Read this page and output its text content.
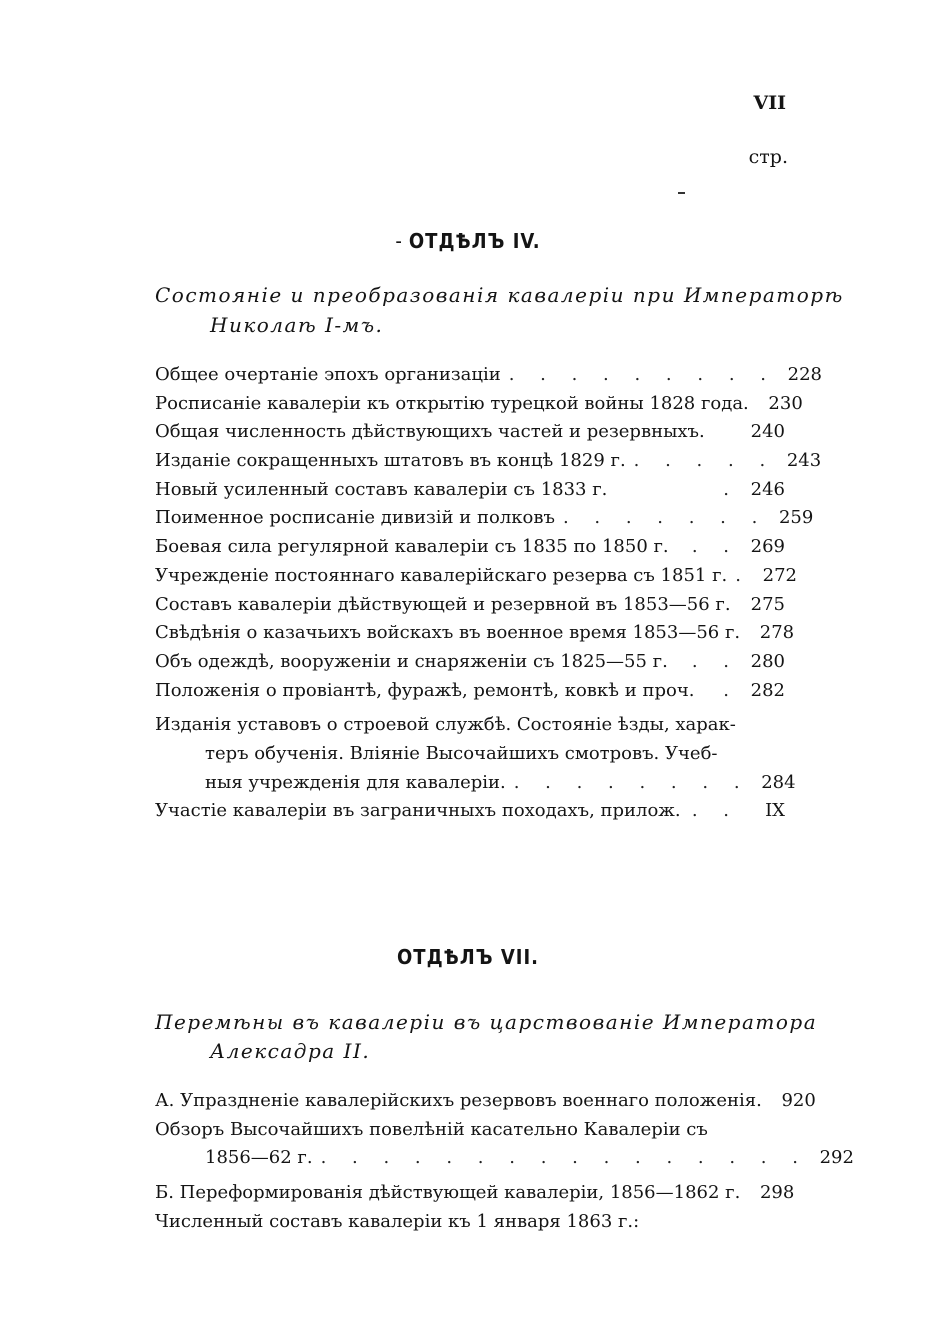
VII
стр.
- ОТДѢЛЪ IV.
Состояніе и преобразованія кавалеріи при Императорѣ
Николаѣ I-мъ.
Общее очертаніе эпохъ организаціи . . . . . . . . . 228
Росписаніе кавалеріи къ открытію турецкой войны 1828 года.	230
Общая численность дѣйствующихъ частей и резервныхъ.	240
Изданіе сокращенныхъ штатовъ въ концѣ 1829 г. . . . . . 243
Новый усиленный составъ кавалеріи съ 1833 г.	. 246
Поименное росписаніе дивизій и полковъ . . . . . . . 259
Боевая сила регулярной кавалеріи съ 1835 по 1850 г.	. . 269
Учрежденіе постояннаго кавалерійскаго резерва съ 1851 г. . 272
Составъ кавалеріи дѣйствующей и резервной въ 1853—56 г.	275
Свѣдѣнія о казачьихъ войскахъ въ военное время 1853—56 г.	278
Объ одеждѣ, вооруженіи и снаряженіи съ 1825—55 г.	. . 280
Положенія о провіантѣ, фуражѣ, ремонтѣ, ковкѣ и проч.	. 282
Изданія уставовъ о строевой службѣ. Состояніе ѣзды, харак-
теръ обученія. Вліяніе Высочайшихъ смотровъ. Учеб-
ныя учрежденія для кавалеріи. . . . . . . . . 284
Участіе кавалеріи въ заграничныхъ походахъ, прилож. . .	IX
ОТДѢЛЪ VII.
Перемѣны въ кавалеріи въ царствованіе Императора
Алексадра II.
А. Упраздненіе кавалерійскихъ резервовъ военнаго положенія.	920
Обзоръ Высочайшихъ повелѣній касательно Кавалеріи съ
1856—62 г. . . . . . . . . . . . . . . . . 292
Б. Переформированія дѣйствующей кавалеріи, 1856—1862 г.	298
Численный составъ кавалеріи къ 1 января 1863 г.:
